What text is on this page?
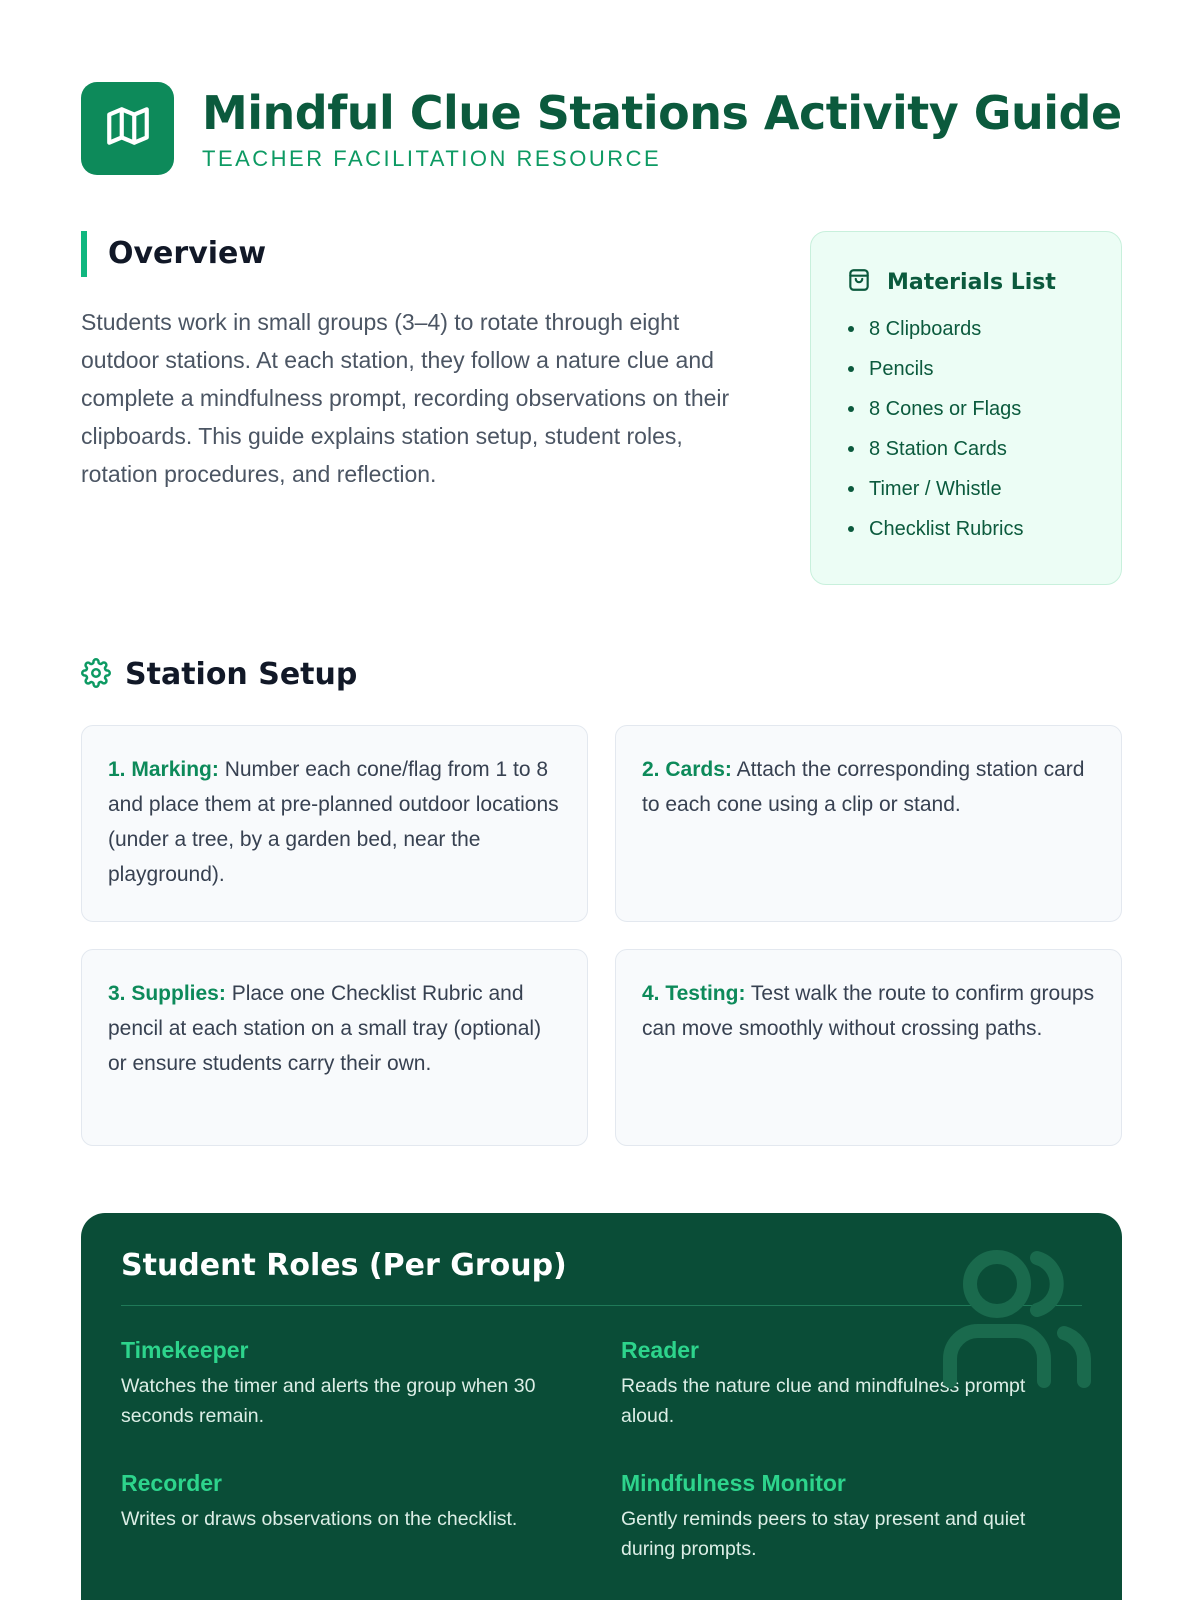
Mindful Clue Stations Activity Guide
TEACHER FACILITATION RESOURCE
Overview

Students work in small groups (3–4) to rotate through eight outdoor stations. At each station, they follow a nature clue and complete a mindfulness prompt, recording observations on their clipboards. This guide explains station setup, student roles, rotation procedures, and reflection.

Materials List
8 Clipboards
Pencils
8 Cones or Flags
8 Station Cards
Timer / Whistle
Checklist Rubrics
Station Setup
1. Marking: Number each cone/flag from 1 to 8 and place them at pre-planned outdoor locations (under a tree, by a garden bed, near the playground).
2. Cards: Attach the corresponding station card to each cone using a clip or stand.
3. Supplies: Place one Checklist Rubric and pencil at each station on a small tray (optional) or ensure students carry their own.
4. Testing: Test walk the route to confirm groups can move smoothly without crossing paths.
Student Roles (Per Group)
Timekeeper
Watches the timer and alerts the group when 30 seconds remain.
Reader
Reads the nature clue and mindfulness prompt aloud.
Recorder
Writes or draws observations on the checklist.
Mindfulness Monitor
Gently reminds peers to stay present and quiet during prompts.
